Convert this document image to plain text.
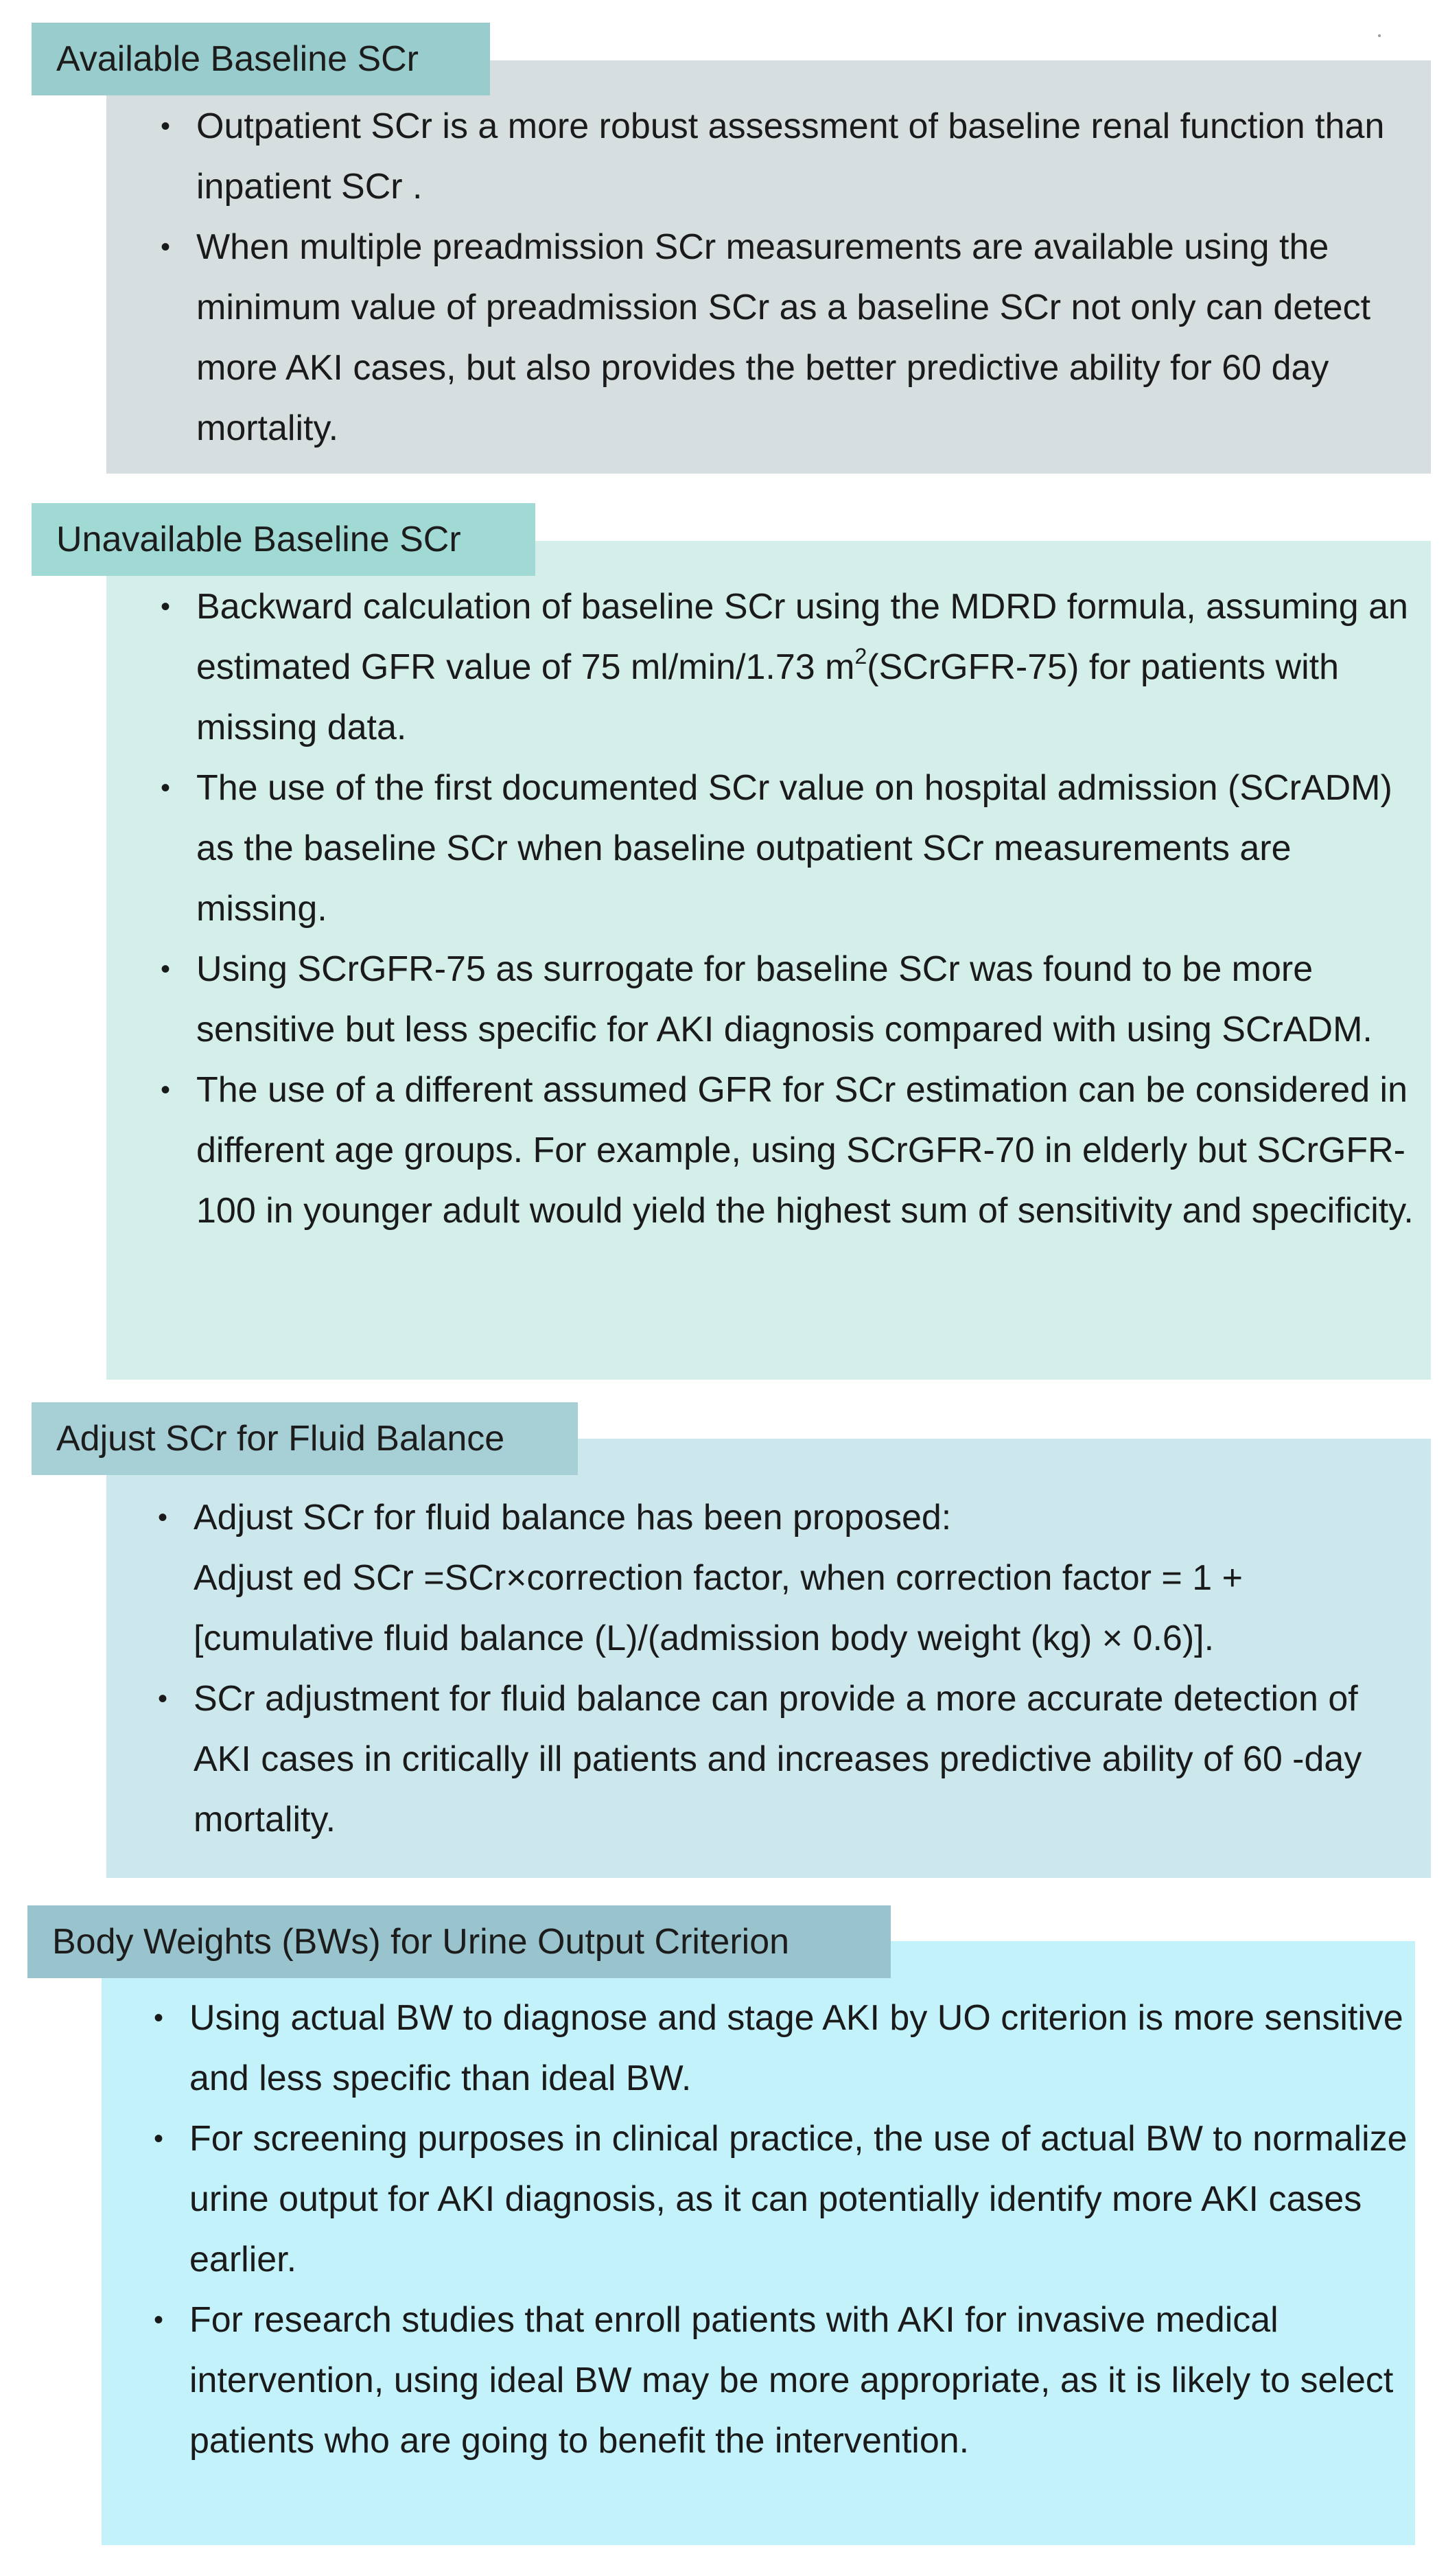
Available Baseline SCr
• Outpatient SCr is a more robust assessment of baseline renal function than inpatient SCr .
• When multiple preadmission SCr measurements are available using the minimum value of preadmission SCr as a baseline SCr not only can detect more AKI cases, but also provides the better predictive ability for 60 day mortality.
Unavailable Baseline SCr
• Backward calculation of baseline SCr using the MDRD formula, assuming an estimated GFR value of 75 ml/min/1.73 $m^2(SCrGFR-75)$ for patients with missing data.
• The use of the first documented SCr value on hospital admission (SCrADM) as the baseline SCr when baseline outpatient SCr measurements are missing.
• Using SCrGFR-75 as surrogate for baseline SCr was found to be more sensitive but less specific for AKI diagnosis compared with using SCrADM.
• The use of a different assumed GFR for SCr estimation can be considered in different age groups. For example, using SCrGFR-70 in elderly but SCrGFR-100 in younger adult would yield the highest sum of sensitivity and specificity.
Adjust SCr for Fluid Balance
• Adjust SCr for fluid balance has been proposed:
Adjust ed SCr =SCr×correction factor, when correction factor = 1 + [cumulative fluid balance (L)/(admission body weight (kg) × 0.6)].
• SCr adjustment for fluid balance can provide a more accurate detection of AKI cases in critically ill patients and increases predictive ability of 60 -day mortality.
Body Weights (BWs) for Urine Output Criterion
• Using actual BW to diagnose and stage AKI by UO criterion is more sensitive and less specific than ideal BW.
• For screening purposes in clinical practice, the use of actual BW to normalize urine output for AKI diagnosis, as it can potentially identify more AKI cases earlier.
• For research studies that enroll patients with AKI for invasive medical intervention, using ideal BW may be more appropriate, as it is likely to select patients who are going to benefit the intervention.
